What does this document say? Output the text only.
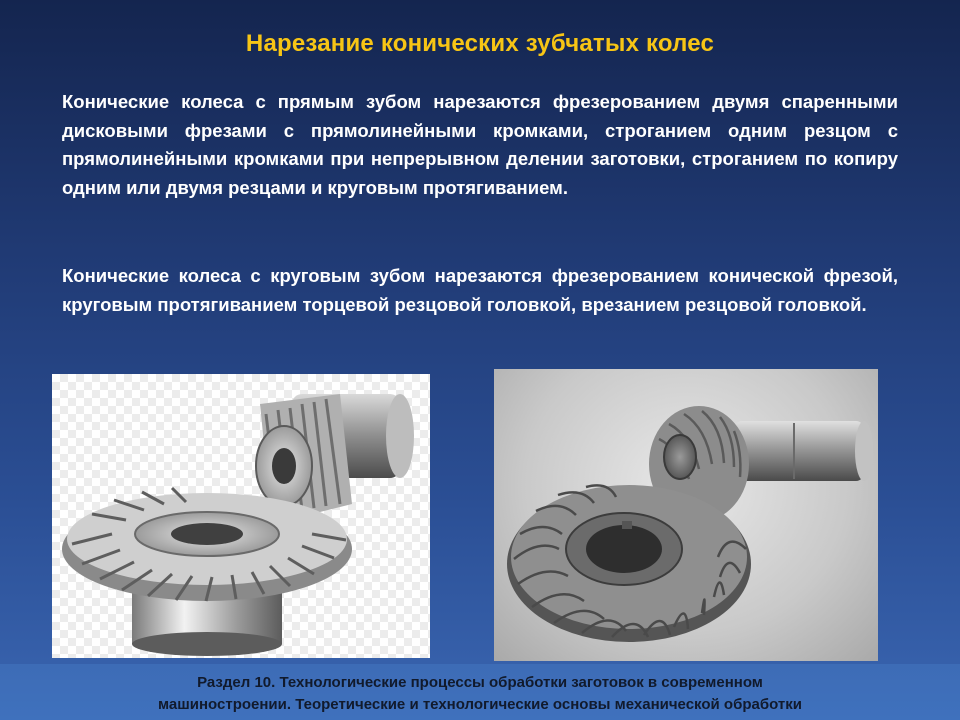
Нарезание конических зубчатых колес

Конические колеса с прямым зубом нарезаются фрезерованием двумя спаренными дисковыми фрезами с прямолинейными кромками, строганием одним резцом с прямолинейными кромками при непрерывном делении заготовки, строганием по копиру одним или двумя резцами и круговым протягиванием.

Конические колеса с круговым зубом нарезаются фрезерованием конической фрезой, круговым протягиванием торцевой резцовой головкой, врезанием резцовой головкой.

Раздел 10. Технологические процессы обработки заготовок в современном
машиностроении. Теоретические и технологические основы механической обработки
